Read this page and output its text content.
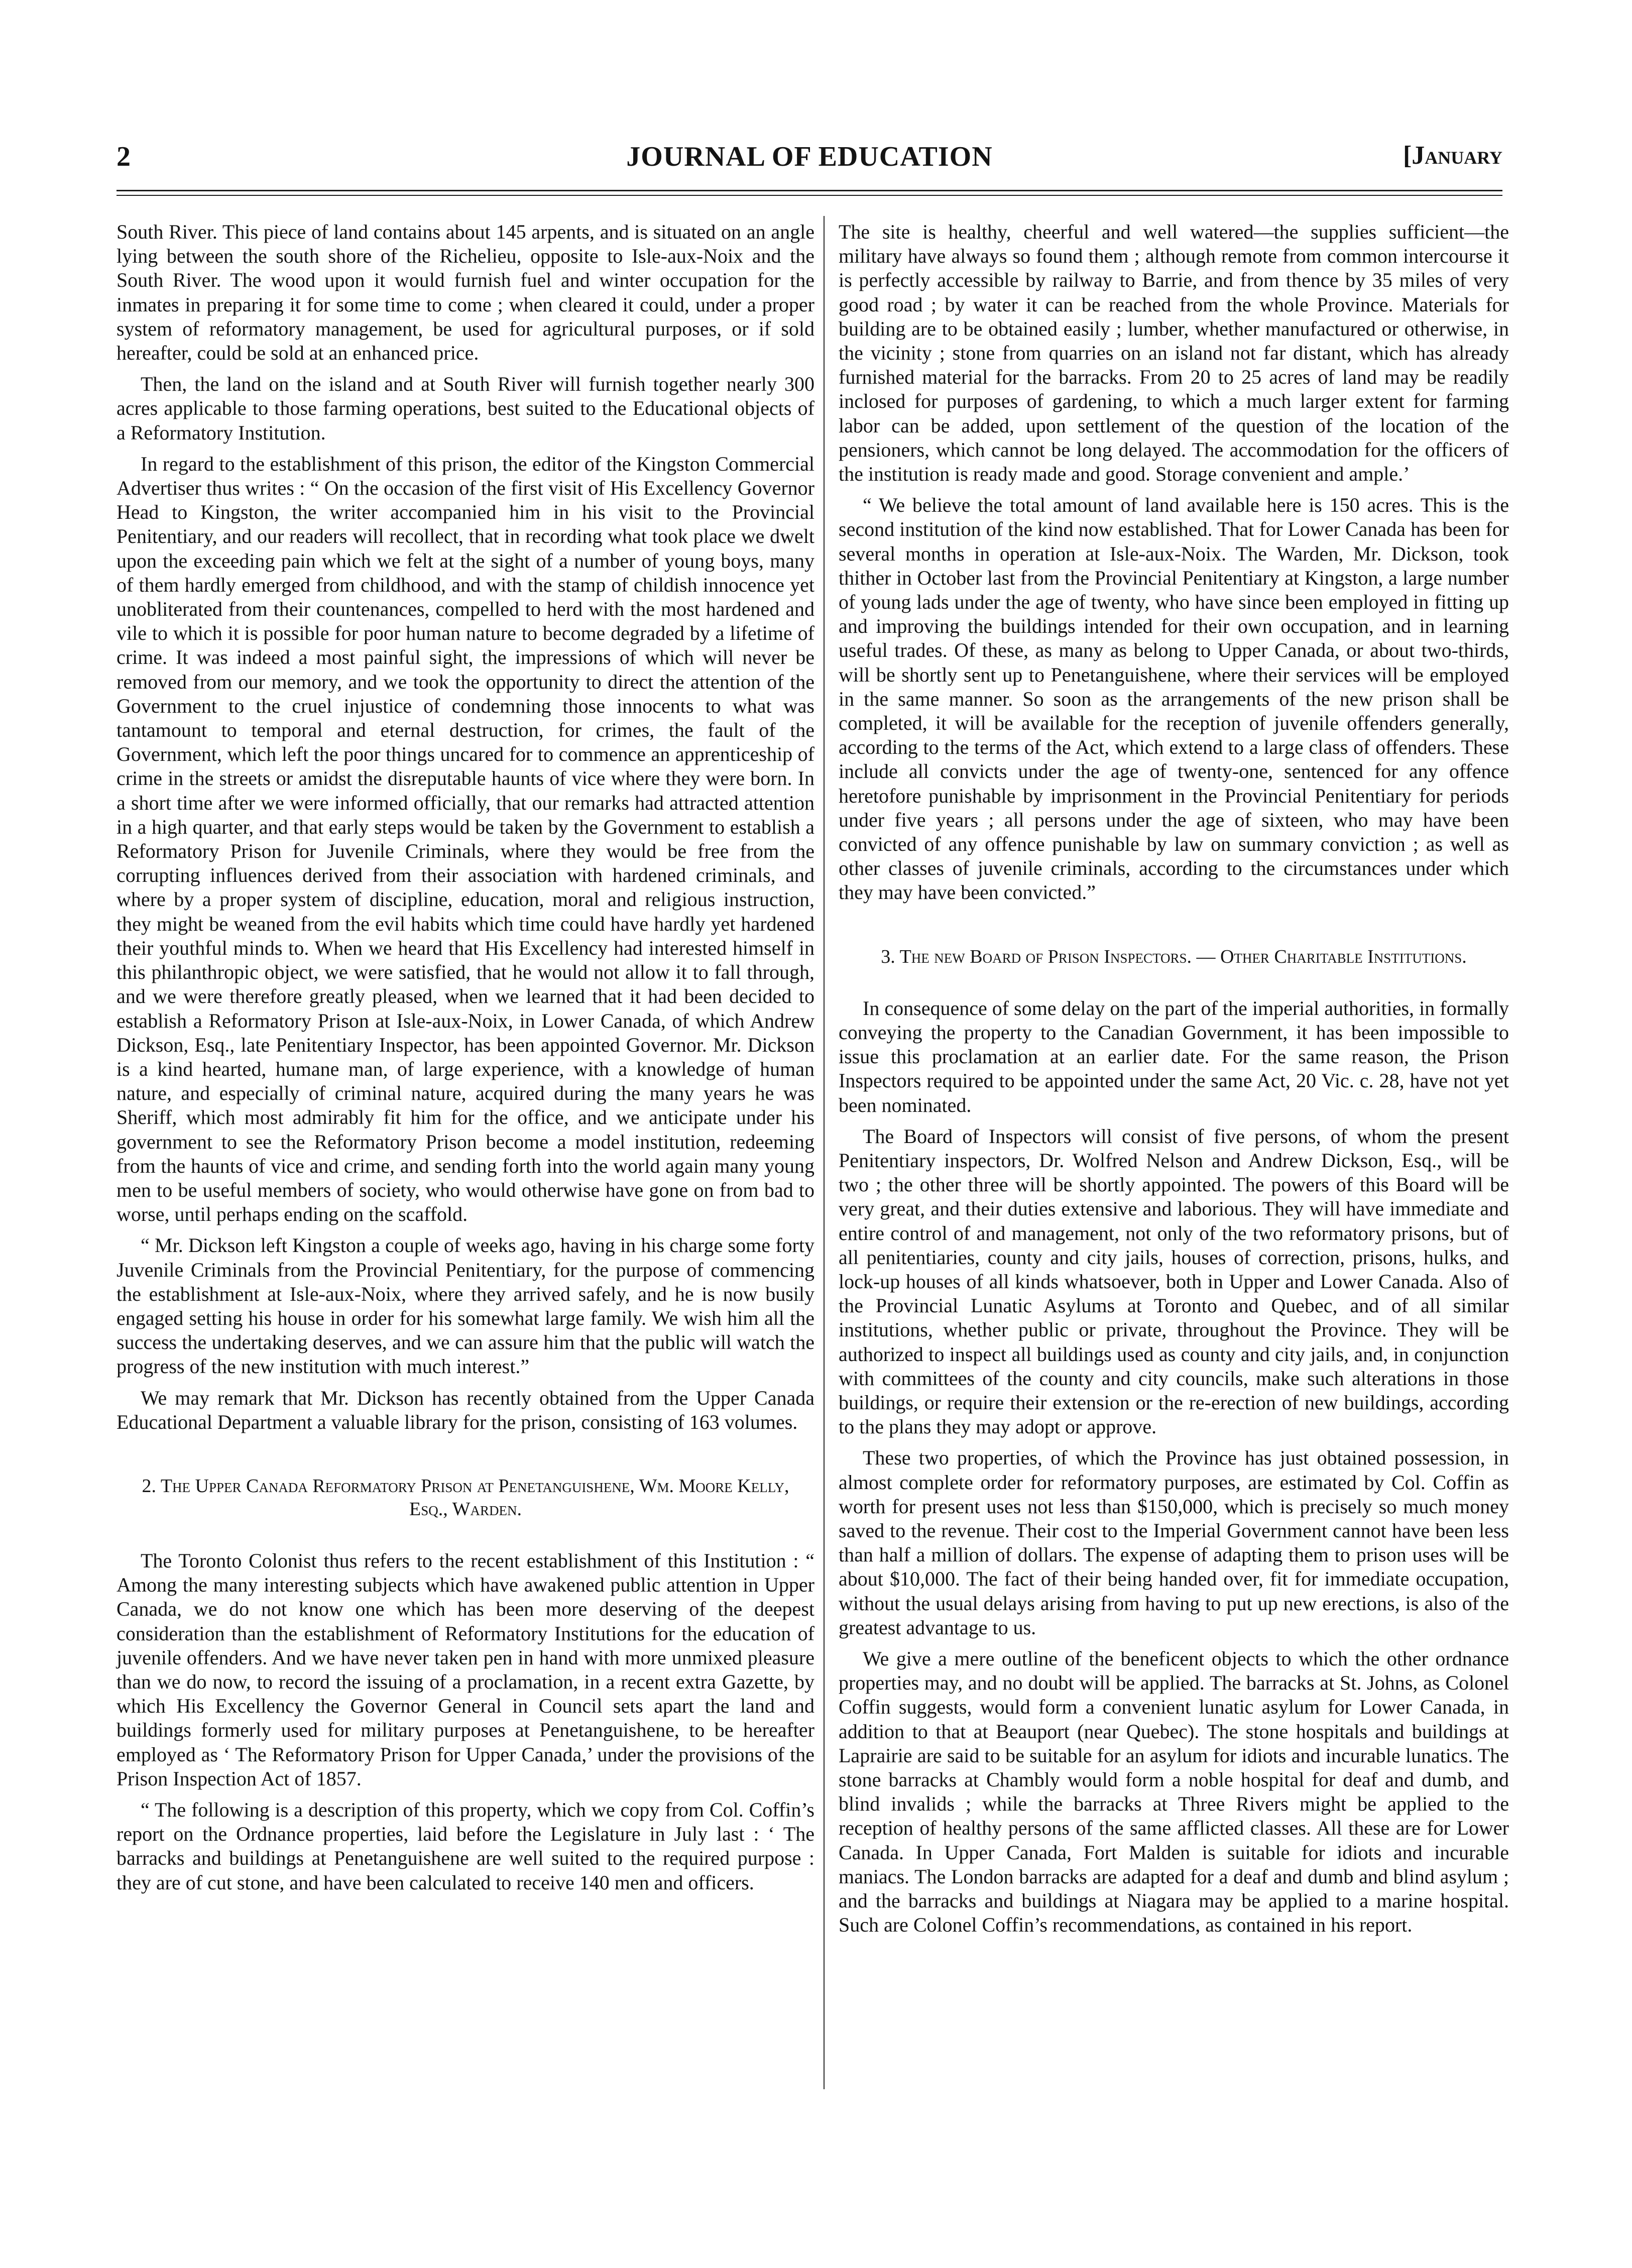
2	JOURNAL OF EDUCATION	[January

South River. This piece of land contains about 145 arpents, and is situated on an angle lying between the south shore of the Richelieu, opposite to Isle-aux-Noix and the South River. The wood upon it would furnish fuel and winter occupation for the inmates in preparing it for some time to come ; when cleared it could, under a proper system of reformatory management, be used for agricultural purposes, or if sold hereafter, could be sold at an enhanced price.

Then, the land on the island and at South River will furnish together nearly 300 acres applicable to those farming operations, best suited to the Educational objects of a Reformatory Institution.

In regard to the establishment of this prison, the editor of the Kingston Commercial Advertiser thus writes : “ On the occasion of the first visit of His Excellency Governor Head to Kingston, the writer accompanied him in his visit to the Provincial Penitentiary, and our readers will recollect, that in recording what took place we dwelt upon the exceeding pain which we felt at the sight of a number of young boys, many of them hardly emerged from childhood, and with the stamp of childish innocence yet unobliterated from their countenances, compelled to herd with the most hardened and vile to which it is possible for poor human nature to become degraded by a lifetime of crime. It was indeed a most painful sight, the impressions of which will never be removed from our memory, and we took the opportunity to direct the attention of the Government to the cruel injustice of condemning those innocents to what was tantamount to temporal and eternal destruction, for crimes, the fault of the Government, which left the poor things uncared for to commence an apprenticeship of crime in the streets or amidst the disreputable haunts of vice where they were born. In a short time after we were informed officially, that our remarks had attracted attention in a high quarter, and that early steps would be taken by the Government to establish a Reformatory Prison for Juvenile Criminals, where they would be free from the corrupting influences derived from their association with hardened criminals, and where by a proper system of discipline, education, moral and religious instruction, they might be weaned from the evil habits which time could have hardly yet hardened their youthful minds to. When we heard that His Excellency had interested himself in this philanthropic object, we were satisfied, that he would not allow it to fall through, and we were therefore greatly pleased, when we learned that it had been decided to establish a Reformatory Prison at Isle-aux-Noix, in Lower Canada, of which Andrew Dickson, Esq., late Penitentiary Inspector, has been appointed Governor. Mr. Dickson is a kind hearted, humane man, of large experience, with a knowledge of human nature, and especially of criminal nature, acquired during the many years he was Sheriff, which most admirably fit him for the office, and we anticipate under his government to see the Reformatory Prison become a model institution, redeeming from the haunts of vice and crime, and sending forth into the world again many young men to be useful members of society, who would otherwise have gone on from bad to worse, until perhaps ending on the scaffold.

“ Mr. Dickson left Kingston a couple of weeks ago, having in his charge some forty Juvenile Criminals from the Provincial Penitentiary, for the purpose of commencing the establishment at Isle-aux-Noix, where they arrived safely, and he is now busily engaged setting his house in order for his somewhat large family. We wish him all the success the undertaking deserves, and we can assure him that the public will watch the progress of the new institution with much interest.”

We may remark that Mr. Dickson has recently obtained from the Upper Canada Educational Department a valuable library for the prison, consisting of 163 volumes.

2. The Upper Canada Reformatory Prison at Penetanguishene, Wm. Moore Kelly, Esq., Warden.

The Toronto Colonist thus refers to the recent establishment of this Institution : “ Among the many interesting subjects which have awakened public attention in Upper Canada, we do not know one which has been more deserving of the deepest consideration than the establishment of Reformatory Institutions for the education of juvenile offenders. And we have never taken pen in hand with more unmixed pleasure than we do now, to record the issuing of a proclamation, in a recent extra Gazette, by which His Excellency the Governor General in Council sets apart the land and buildings formerly used for military purposes at Penetanguishene, to be hereafter employed as ‘ The Reformatory Prison for Upper Canada,’ under the provisions of the Prison Inspection Act of 1857.

“ The following is a description of this property, which we copy from Col. Coffin’s report on the Ordnance properties, laid before the Legislature in July last : ‘ The barracks and buildings at Penetanguishene are well suited to the required purpose : they are of cut stone, and have been calculated to receive 140 men and officers.

The site is healthy, cheerful and well watered—the supplies sufficient—the military have always so found them ; although remote from common intercourse it is perfectly accessible by railway to Barrie, and from thence by 35 miles of very good road ; by water it can be reached from the whole Province. Materials for building are to be obtained easily ; lumber, whether manufactured or otherwise, in the vicinity ; stone from quarries on an island not far distant, which has already furnished material for the barracks. From 20 to 25 acres of land may be readily inclosed for purposes of gardening, to which a much larger extent for farming labor can be added, upon settlement of the question of the location of the pensioners, which cannot be long delayed. The accommodation for the officers of the institution is ready made and good. Storage convenient and ample.’

“ We believe the total amount of land available here is 150 acres. This is the second institution of the kind now established. That for Lower Canada has been for several months in operation at Isle-aux-Noix. The Warden, Mr. Dickson, took thither in October last from the Provincial Penitentiary at Kingston, a large number of young lads under the age of twenty, who have since been employed in fitting up and improving the buildings intended for their own occupation, and in learning useful trades. Of these, as many as belong to Upper Canada, or about two-thirds, will be shortly sent up to Penetanguishene, where their services will be employed in the same manner. So soon as the arrangements of the new prison shall be completed, it will be available for the reception of juvenile offenders generally, according to the terms of the Act, which extend to a large class of offenders. These include all convicts under the age of twenty-one, sentenced for any offence heretofore punishable by imprisonment in the Provincial Penitentiary for periods under five years ; all persons under the age of sixteen, who may have been convicted of any offence punishable by law on summary conviction ; as well as other classes of juvenile criminals, according to the circumstances under which they may have been convicted.”

3. The new Board of Prison Inspectors. — Other Charitable Institutions.

In consequence of some delay on the part of the imperial authorities, in formally conveying the property to the Canadian Government, it has been impossible to issue this proclamation at an earlier date. For the same reason, the Prison Inspectors required to be appointed under the same Act, 20 Vic. c. 28, have not yet been nominated.

The Board of Inspectors will consist of five persons, of whom the present Penitentiary inspectors, Dr. Wolfred Nelson and Andrew Dickson, Esq., will be two ; the other three will be shortly appointed. The powers of this Board will be very great, and their duties extensive and laborious. They will have immediate and entire control of and management, not only of the two reformatory prisons, but of all penitentiaries, county and city jails, houses of correction, prisons, hulks, and lock-up houses of all kinds whatsoever, both in Upper and Lower Canada. Also of the Provincial Lunatic Asylums at Toronto and Quebec, and of all similar institutions, whether public or private, throughout the Province. They will be authorized to inspect all buildings used as county and city jails, and, in conjunction with committees of the county and city councils, make such alterations in those buildings, or require their extension or the re-erection of new buildings, according to the plans they may adopt or approve.

These two properties, of which the Province has just obtained possession, in almost complete order for reformatory purposes, are estimated by Col. Coffin as worth for present uses not less than $150,000, which is precisely so much money saved to the revenue. Their cost to the Imperial Government cannot have been less than half a million of dollars. The expense of adapting them to prison uses will be about $10,000. The fact of their being handed over, fit for immediate occupation, without the usual delays arising from having to put up new erections, is also of the greatest advantage to us.

We give a mere outline of the beneficent objects to which the other ordnance properties may, and no doubt will be applied. The barracks at St. Johns, as Colonel Coffin suggests, would form a convenient lunatic asylum for Lower Canada, in addition to that at Beauport (near Quebec). The stone hospitals and buildings at Laprairie are said to be suitable for an asylum for idiots and incurable lunatics. The stone barracks at Chambly would form a noble hospital for deaf and dumb, and blind invalids ; while the barracks at Three Rivers might be applied to the reception of healthy persons of the same afflicted classes. All these are for Lower Canada. In Upper Canada, Fort Malden is suitable for idiots and incurable maniacs. The London barracks are adapted for a deaf and dumb and blind asylum ; and the barracks and buildings at Niagara may be applied to a marine hospital. Such are Colonel Coffin’s recommendations, as contained in his report.
